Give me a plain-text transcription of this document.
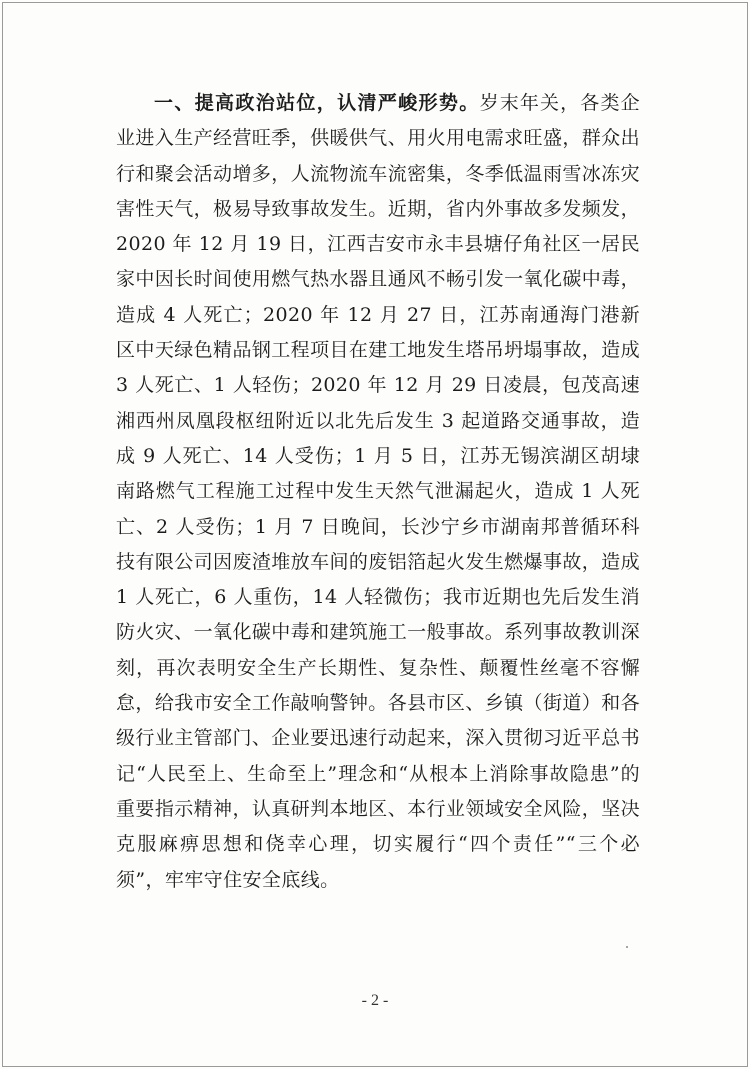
一、提高政治站位，认清严峻形势。岁末年关，各类企业进入生产经营旺季，供暖供气、用火用电需求旺盛，群众出行和聚会活动增多，人流物流车流密集，冬季低温雨雪冰冻灾害性天气，极易导致事故发生。近期，省内外事故多发频发，2020 年 12 月 19 日，江西吉安市永丰县塘仔角社区一居民家中因长时间使用燃气热水器且通风不畅引发一氧化碳中毒，造成 4 人死亡；2020 年 12 月 27 日，江苏南通海门港新区中天绿色精品钢工程项目在建工地发生塔吊坍塌事故，造成 3 人死亡、1 人轻伤；2020 年 12 月 29 日凌晨，包茂高速湘西州凤凰段枢纽附近以北先后发生 3 起道路交通事故，造成 9 人死亡、14 人受伤；1 月 5 日，江苏无锡滨湖区胡埭南路燃气工程施工过程中发生天然气泄漏起火，造成 1 人死亡、2 人受伤；1 月 7 日晚间，长沙宁乡市湖南邦普循环科技有限公司因废渣堆放车间的废铝箔起火发生燃爆事故，造成 1 人死亡，6 人重伤，14 人轻微伤；我市近期也先后发生消防火灾、一氧化碳中毒和建筑施工一般事故。系列事故教训深刻，再次表明安全生产长期性、复杂性、颠覆性丝毫不容懈怠，给我市安全工作敲响警钟。各县市区、乡镇（街道）和各级行业主管部门、企业要迅速行动起来，深入贯彻习近平总书记“人民至上、生命至上”理念和“从根本上消除事故隐患”的重要指示精神，认真研判本地区、本行业领域安全风险，坚决克服麻痹思想和侥幸心理，切实履行“四个责任”“三个必须”，牢牢守住安全底线。

- 2 -
